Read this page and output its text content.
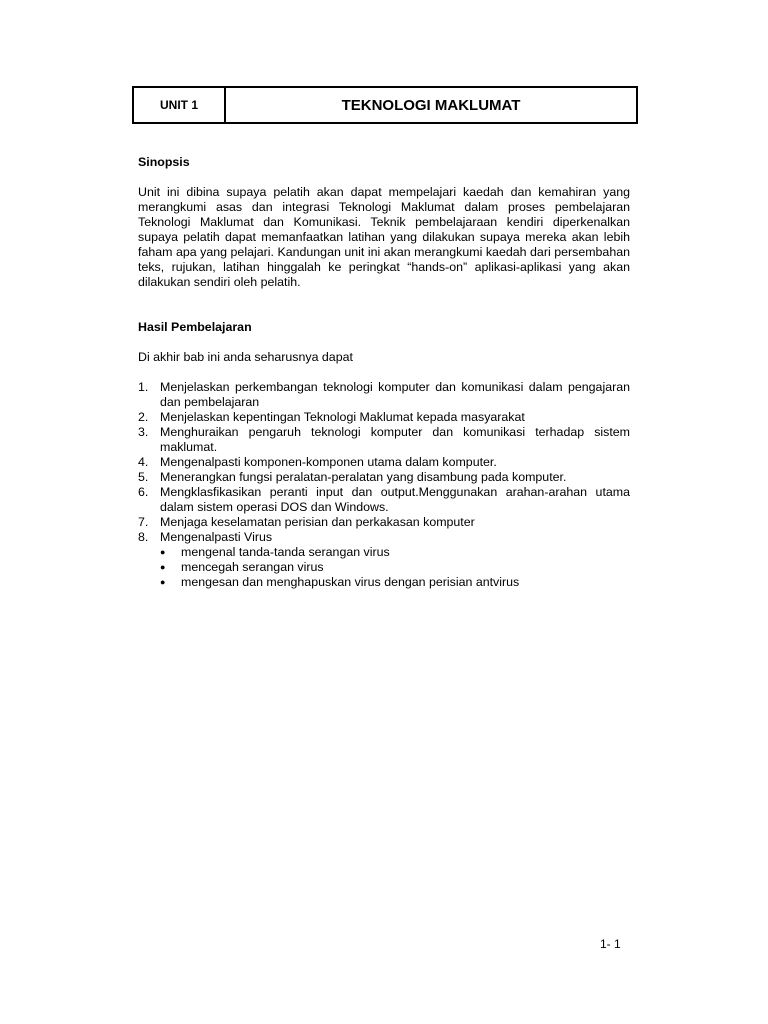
UNIT 1	TEKNOLOGI MAKLUMAT

Sinopsis

Unit ini dibina supaya pelatih akan dapat mempelajari kaedah dan kemahiran yang merangkumi asas dan integrasi Teknologi Maklumat dalam proses pembelajaran Teknologi Maklumat dan Komunikasi. Teknik pembelajaraan kendiri diperkenalkan supaya pelatih dapat memanfaatkan latihan yang dilakukan supaya mereka akan lebih faham apa yang pelajari. Kandungan unit ini akan merangkumi kaedah dari persembahan teks, rujukan, latihan hinggalah ke peringkat “hands-on” aplikasi-aplikasi yang akan dilakukan sendiri oleh pelatih.

Hasil Pembelajaran

Di akhir bab ini anda seharusnya dapat

1. Menjelaskan perkembangan teknologi komputer dan komunikasi dalam pengajaran dan pembelajaran
2. Menjelaskan kepentingan Teknologi Maklumat kepada masyarakat
3. Menghuraikan pengaruh teknologi komputer dan komunikasi terhadap sistem maklumat.
4. Mengenalpasti komponen-komponen utama dalam komputer.
5. Menerangkan fungsi peralatan-peralatan yang disambung pada komputer.
6. Mengklasfikasikan peranti input dan output.Menggunakan arahan-arahan utama dalam sistem operasi DOS dan Windows.
7. Menjaga keselamatan perisian dan perkakasan komputer
8. Mengenalpasti Virus
●	mengenal tanda-tanda serangan virus
●	mencegah serangan virus
●	mengesan dan menghapuskan virus dengan perisian antvirus
1- 1
